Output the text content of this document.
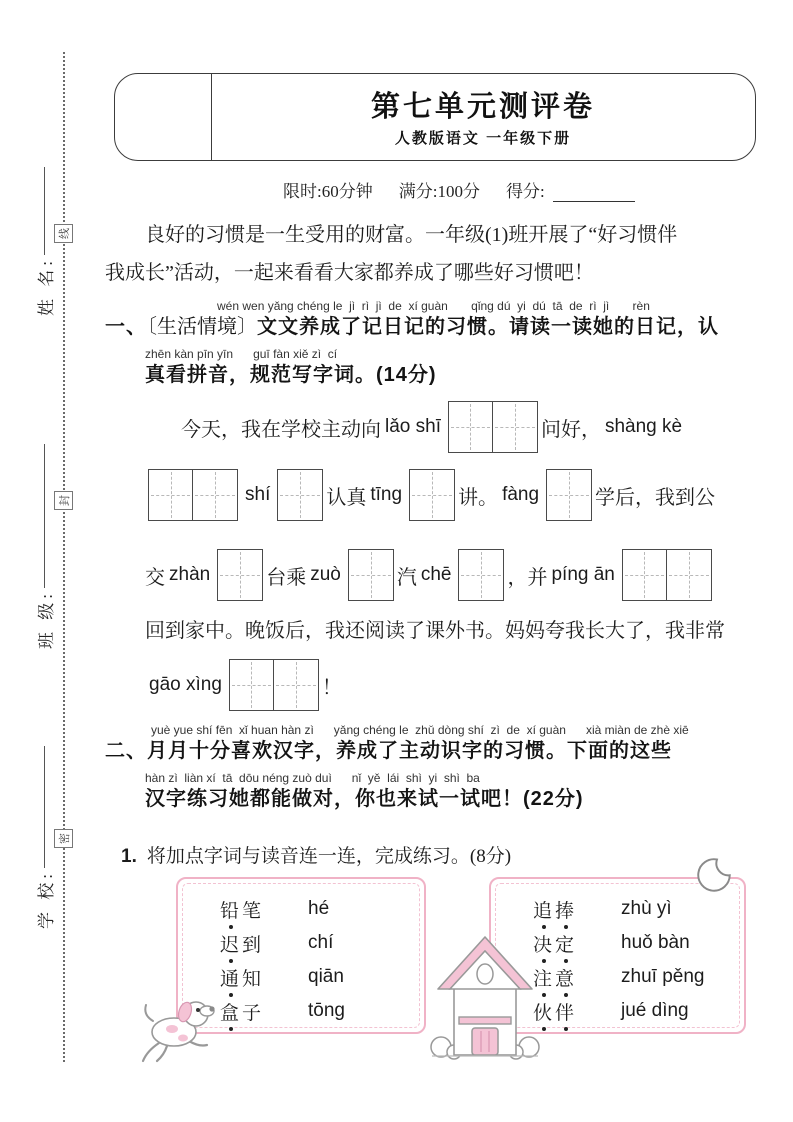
线
封
密
姓 名:
班 级:
学 校:
第七单元测评卷
人教版语文 一年级下册
限时:60分钟 满分:100分 得分:
良好的习惯是一生受用的财富。一年级(1)班开展了“好习惯伴
我成长”活动，一起来看看大家都养成了哪些好习惯吧！
wén wen yǎng chéng le  jì  rì  jì  de  xí guàn       qǐng dú  yi  dú  tā  de  rì  jì       rèn
一、〔生活情境〕文文养成了记日记的习惯。请读一读她的日记，认
zhēn kàn pīn yīn      guī fàn xiě zì  cí
真看拼音，规范写字词。(14分)
今天，我在学校主动向 lǎo shī	问好， shàng kè
shí	认真 tīng	讲。 fàng	学后，我到公
交 zhàn	台乘 zuò	汽 chē	，并 píng ān
回到家中。晚饭后，我还阅读了课外书。妈妈夸我长大了，我非常
gāo xìng	！
yuè yue shí fēn  xǐ huan hàn zì      yǎng chéng le  zhǔ dòng shí  zì  de  xí guàn      xià miàn de zhè xiē
二、月月十分喜欢汉字，养成了主动识字的习惯。下面的这些
hàn zì  liàn xí  tā  dōu néng zuò duì      nǐ  yě  lái  shì  yi  shì  ba
汉字练习她都能做对，你也来试一试吧！(22分)
1. 将加点字词与读音连一连，完成练习。(8分)
铅笔	hé
迟到	chí
通知	qiān
盒子	tōng
追捧	zhù yì
决定	huǒ bàn
注意	zhuī pěng
伙伴	jué dìng
